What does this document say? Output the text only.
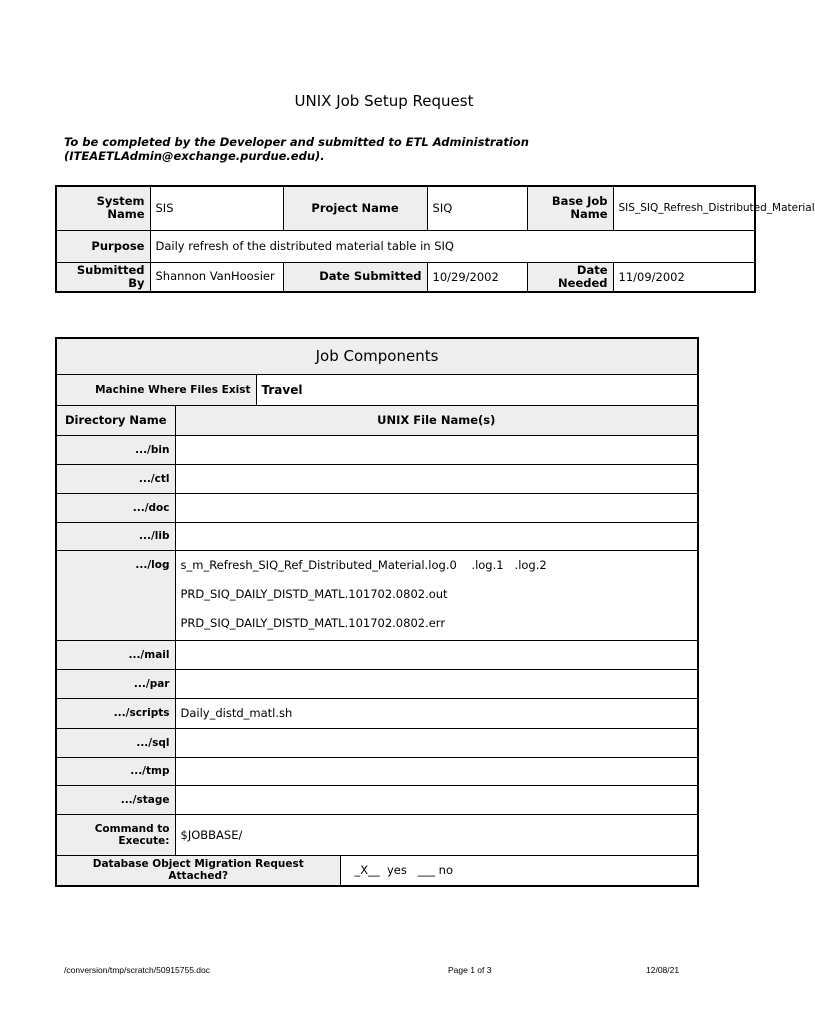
UNIX Job Setup Request
To be completed by the Developer and submitted to ETL Administration
(ITEAETLAdmin@exchange.purdue.edu).
System Name	SIS	Project Name	SIQ	Base Job Name	SIS_SIQ_Refresh_Distributed_Material
Purpose	Daily refresh of the distributed material table in SIQ				
Submitted By	Shannon VanHoosier	Date Submitted	10/29/2002	Date Needed	11/09/2002
Job Components			
Machine Where Files Exist		Travel	
Directory Name	UNIX File Name(s)		
.../bin			
.../ctl			
.../doc			
.../lib			
.../log	s_m_Refresh_SIQ_Ref_Distributed_Material.log.0    .log.1   .log.2
PRD_SIQ_DAILY_DISTD_MATL.101702.0802.out
PRD_SIQ_DAILY_DISTD_MATL.101702.0802.err		

.../mail			
.../par			
.../scripts	Daily_distd_matl.sh		
.../sql			
.../tmp			
.../stage			
Command to Execute:	$JOBBASE/		
Database Object Migration Request Attached?			_X__  yes   ___ no
/conversion/tmp/scratch/50915755.doc	Page 1 of 3	12/08/21
